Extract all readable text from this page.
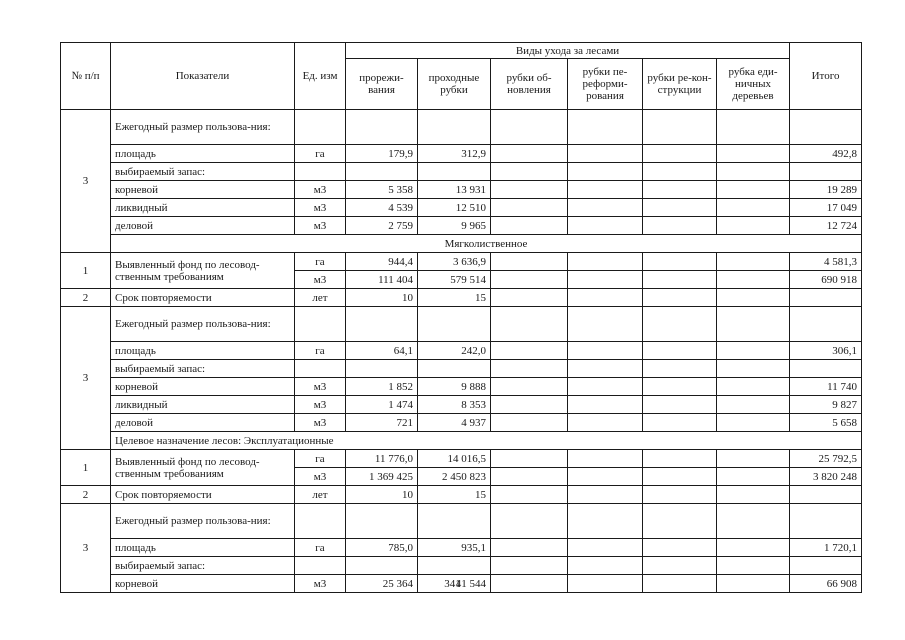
№ п/п	Показатели	Ед. изм	Виды ухода за лесами						Итого
			прорежи-вания	проходные рубки	рубки об-новления	рубки пе-реформи-рования	рубки ре-кон-струкции	рубка еди-ничных деревьев	
3	Ежегодный размер пользова-ния:								
	площадь	га	179,9	312,9					492,8
	выбираемый запас:								
	корневой	м3	5 358	13 931					19 289
	ликвидный	м3	4 539	12 510					17 049
	деловой	м3	2 759	9 965					12 724
	Мягколиственное								
1	Выявленный фонд по лесовод-ственным требованиям	га	944,4	3 636,9					4 581,3
		м3	111 404	579 514					690 918
2	Срок повторяемости	лет	10	15					
3	Ежегодный размер пользова-ния:								
	площадь	га	64,1	242,0					306,1
	выбираемый запас:								
	корневой	м3	1 852	9 888					11 740
	ликвидный	м3	1 474	8 353					9 827
	деловой	м3	721	4 937					5 658
	Целевое назначение лесов: Эксплуатационные								
1	Выявленный фонд по лесовод-ственным требованиям	га	11 776,0	14 016,5					25 792,5
		м3	1 369 425	2 450 823					3 820 248
2	Срок повторяемости	лет	10	15					
3	Ежегодный размер пользова-ния:								
	площадь	га	785,0	935,1					1 720,1
	выбираемый запас:								
	корневой	м3	25 364	41 544					66 908
341
